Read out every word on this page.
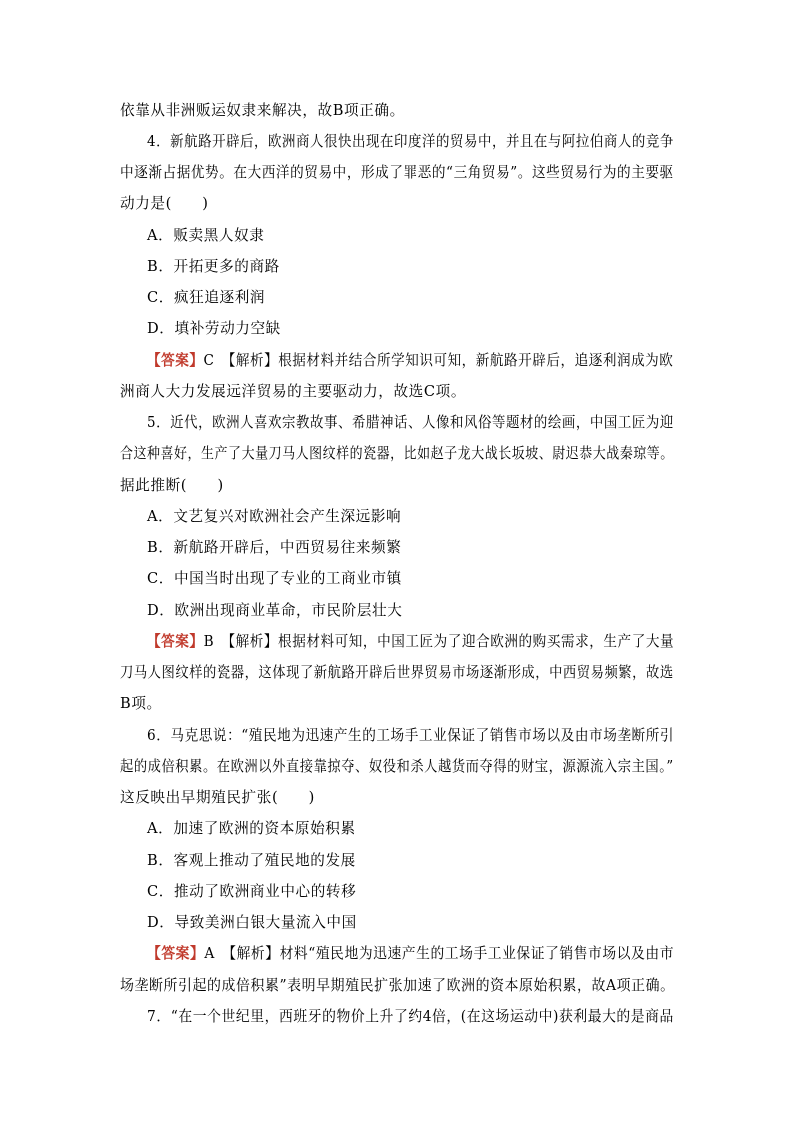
依靠从非洲贩运奴隶来解决，故B项正确。
4．新航路开辟后，欧洲商人很快出现在印度洋的贸易中，并且在与阿拉伯商人的竞争
中逐渐占据优势。在大西洋的贸易中，形成了罪恶的“三角贸易”。这些贸易行为的主要驱
动力是(　　)
A．贩卖黑人奴隶
B．开拓更多的商路
C．疯狂追逐利润
D．填补劳动力空缺
【答案】C　【解析】根据材料并结合所学知识可知，新航路开辟后，追逐利润成为欧
洲商人大力发展远洋贸易的主要驱动力，故选C项。
5．近代，欧洲人喜欢宗教故事、希腊神话、人像和风俗等题材的绘画，中国工匠为迎
合这种喜好，生产了大量刀马人图纹样的瓷器，比如赵子龙大战长坂坡、尉迟恭大战秦琼等。
据此推断(　　)
A．文艺复兴对欧洲社会产生深远影响
B．新航路开辟后，中西贸易往来频繁
C．中国当时出现了专业的工商业市镇
D．欧洲出现商业革命，市民阶层壮大
【答案】B　【解析】根据材料可知，中国工匠为了迎合欧洲的购买需求，生产了大量
刀马人图纹样的瓷器，这体现了新航路开辟后世界贸易市场逐渐形成，中西贸易频繁，故选
B项。
6．马克思说：“殖民地为迅速产生的工场手工业保证了销售市场以及由市场垄断所引
起的成倍积累。在欧洲以外直接靠掠夺、奴役和杀人越货而夺得的财宝，源源流入宗主国。”
这反映出早期殖民扩张(　　)
A．加速了欧洲的资本原始积累
B．客观上推动了殖民地的发展
C．推动了欧洲商业中心的转移
D．导致美洲白银大量流入中国
【答案】A　【解析】材料“殖民地为迅速产生的工场手工业保证了销售市场以及由市
场垄断所引起的成倍积累”表明早期殖民扩张加速了欧洲的资本原始积累，故A项正确。
7．“在一个世纪里，西班牙的物价上升了约4倍，(在这场运动中)获利最大的是商品
